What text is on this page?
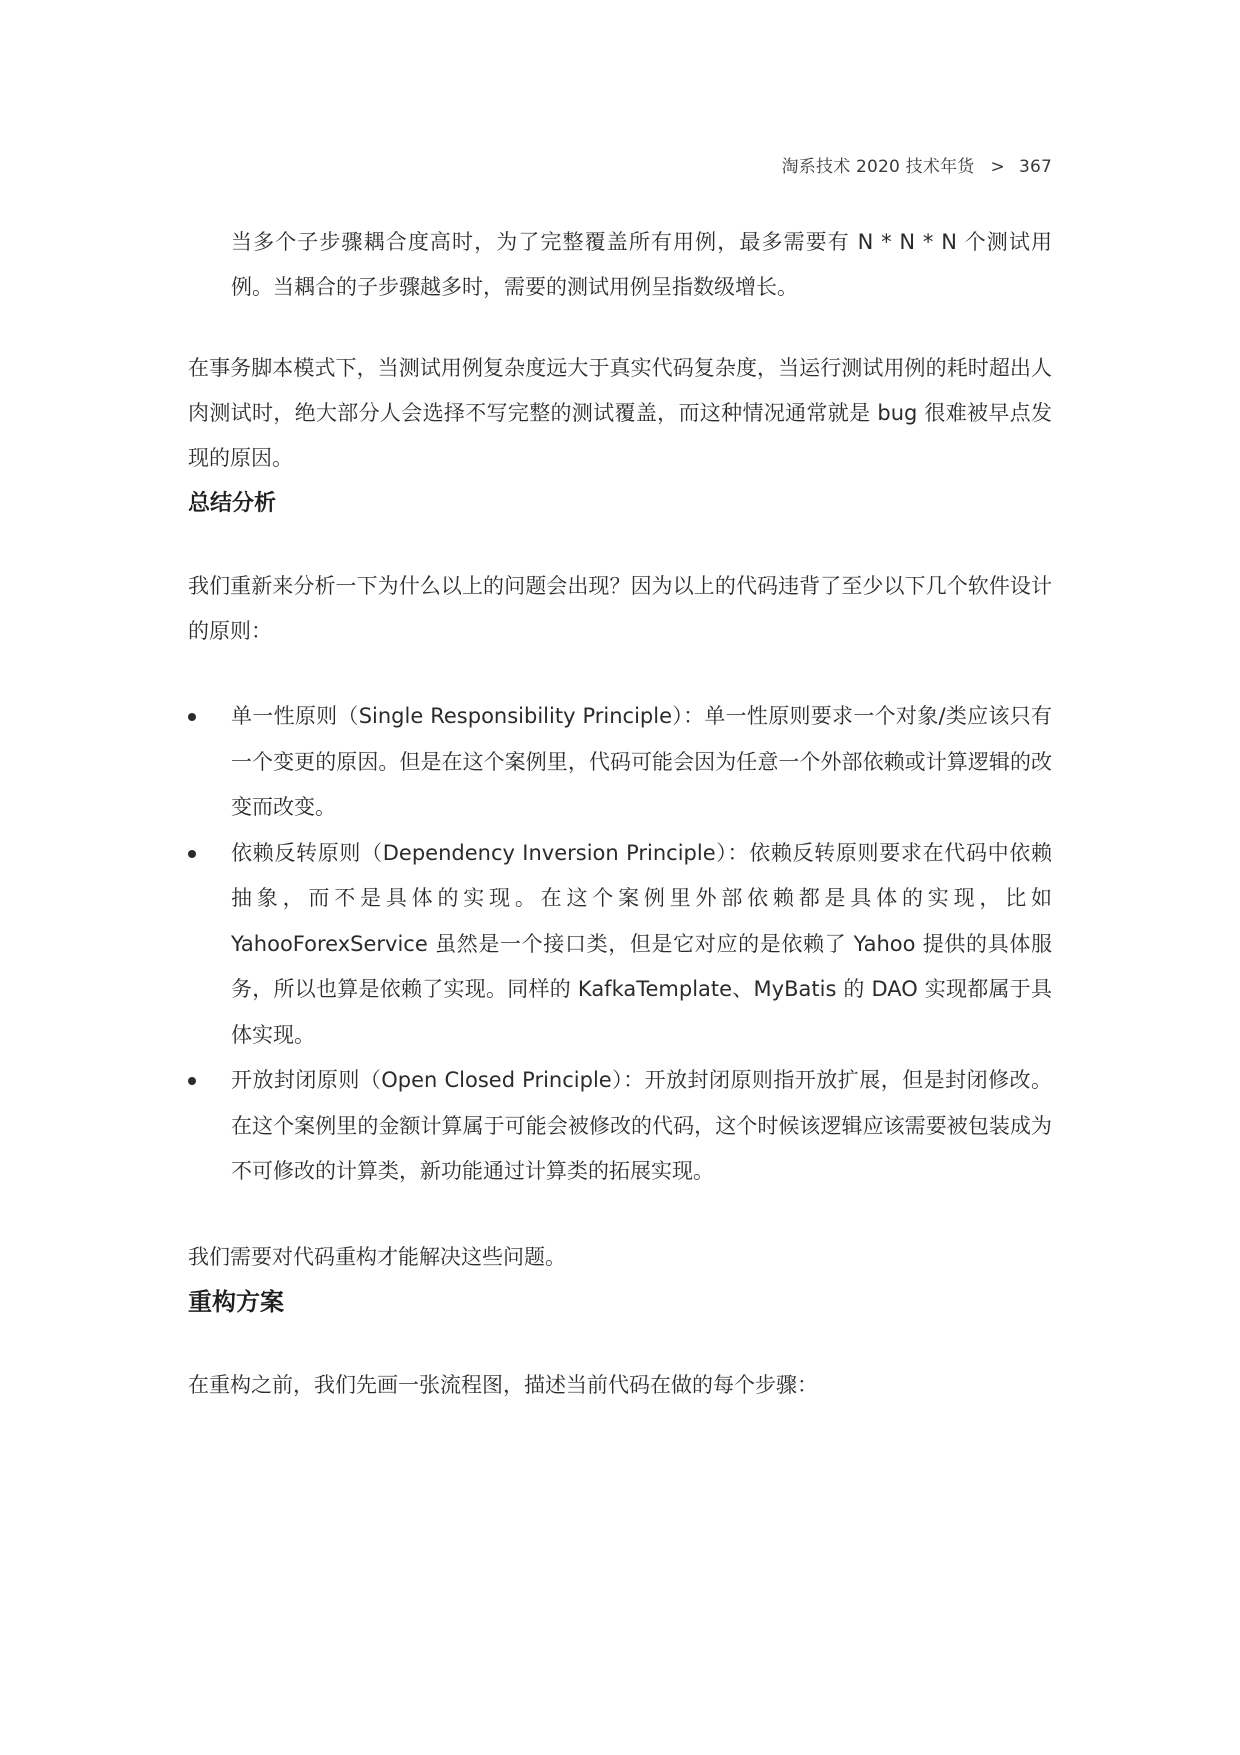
淘系技术 2020 技术年货 > 367

当多个子步骤耦合度高时，为了完整覆盖所有用例，最多需要有 N * N * N 个测试用例。当耦合的子步骤越多时，需要的测试用例呈指数级增长。

在事务脚本模式下，当测试用例复杂度远大于真实代码复杂度，当运行测试用例的耗时超出人肉测试时，绝大部分人会选择不写完整的测试覆盖，而这种情况通常就是 bug 很难被早点发现的原因。

总结分析

我们重新来分析一下为什么以上的问题会出现？因为以上的代码违背了至少以下几个软件设计的原则：

单一性原则（Single Responsibility Principle）：单一性原则要求一个对象/类应该只有一个变更的原因。但是在这个案例里，代码可能会因为任意一个外部依赖或计算逻辑的改变而改变。
依赖反转原则（Dependency Inversion Principle）：依赖反转原则要求在代码中依赖抽象，而不是具体的实现。在这个案例里外部依赖都是具体的实现，比如 YahooForexService 虽然是一个接口类，但是它对应的是依赖了 Yahoo 提供的具体服务，所以也算是依赖了实现。同样的 KafkaTemplate、MyBatis 的 DAO 实现都属于具体实现。
开放封闭原则（Open Closed Principle）：开放封闭原则指开放扩展，但是封闭修改。在这个案例里的金额计算属于可能会被修改的代码，这个时候该逻辑应该需要被包装成为不可修改的计算类，新功能通过计算类的拓展实现。

我们需要对代码重构才能解决这些问题。

重构方案

在重构之前，我们先画一张流程图，描述当前代码在做的每个步骤：
